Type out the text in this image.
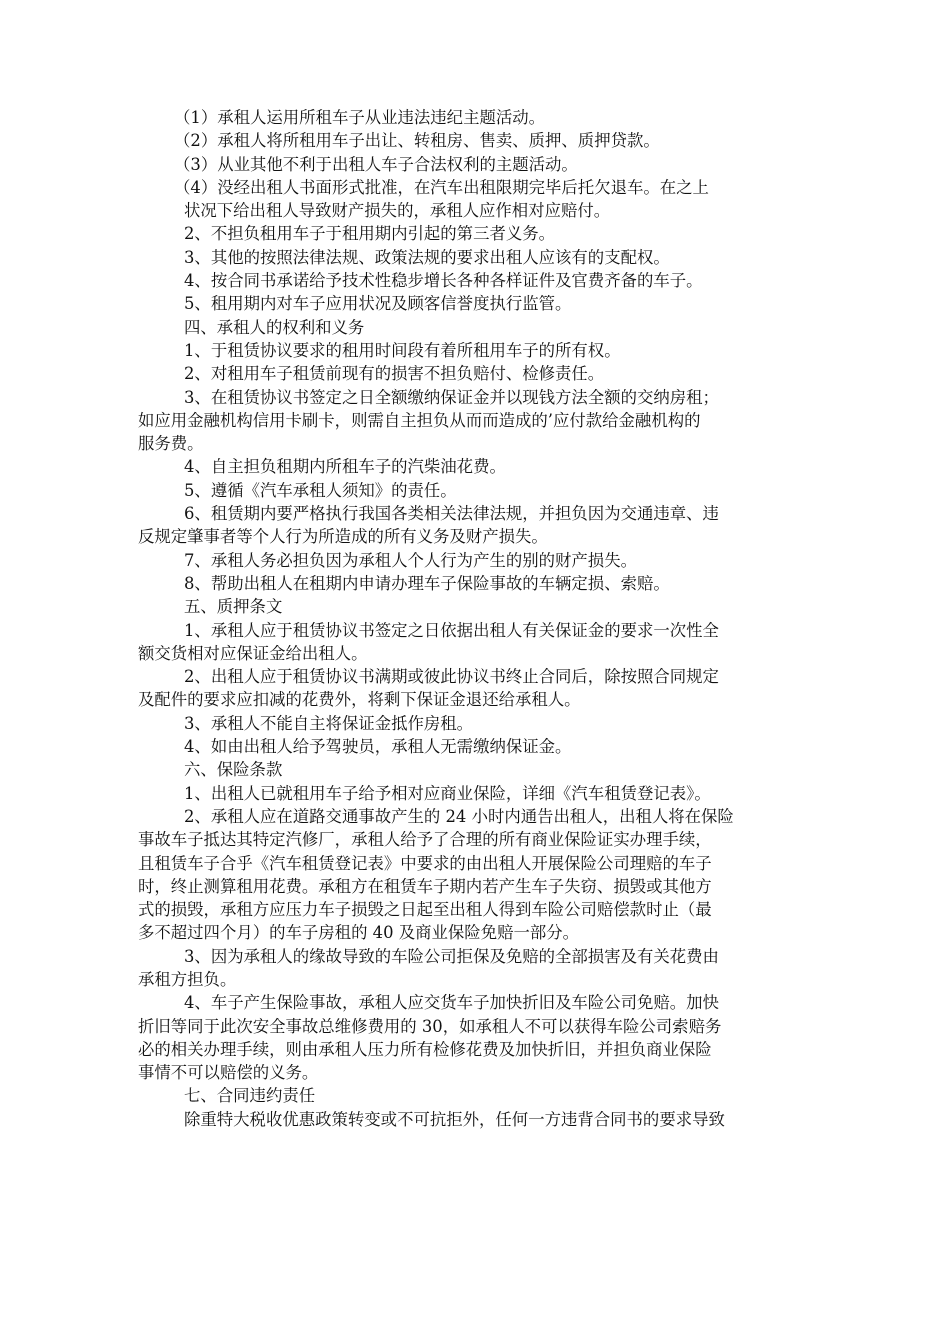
（1）承租人运用所租车子从业违法违纪主题活动。
（2）承租人将所租用车子出让、转租房、售卖、质押、质押贷款。
（3）从业其他不利于出租人车子合法权利的主题活动。
（4）没经出租人书面形式批准，在汽车出租限期完毕后托欠退车。在之上
状况下给出租人导致财产损失的，承租人应作相对应赔付。
2、不担负租用车子于租用期内引起的第三者义务。
3、其他的按照法律法规、政策法规的要求出租人应该有的支配权。
4、按合同书承诺给予技术性稳步增长各种各样证件及官费齐备的车子。
5、租用期内对车子应用状况及顾客信誉度执行监管。
四、承租人的权利和义务
1、于租赁协议要求的租用时间段有着所租用车子的所有权。
2、对租用车子租赁前现有的损害不担负赔付、检修责任。
3、在租赁协议书签定之日全额缴纳保证金并以现钱方法全额的交纳房租；
如应用金融机构信用卡刷卡，则需自主担负从而而造成的’应付款给金融机构的
服务费。
4、自主担负租期内所租车子的汽柴油花费。
5、遵循《汽车承租人须知》的责任。
6、租赁期内要严格执行我国各类相关法律法规，并担负因为交通违章、违
反规定肇事者等个人行为所造成的所有义务及财产损失。
7、承租人务必担负因为承租人个人行为产生的别的财产损失。
8、帮助出租人在租期内申请办理车子保险事故的车辆定损、索赔。
五、质押条文
1、承租人应于租赁协议书签定之日依据出租人有关保证金的要求一次性全
额交货相对应保证金给出租人。
2、出租人应于租赁协议书满期或彼此协议书终止合同后，除按照合同规定
及配件的要求应扣减的花费外，将剩下保证金退还给承租人。
3、承租人不能自主将保证金抵作房租。
4、如由出租人给予驾驶员，承租人无需缴纳保证金。
六、保险条款
1、出租人已就租用车子给予相对应商业保险，详细《汽车租赁登记表》。
2、承租人应在道路交通事故产生的 24 小时内通告出租人，出租人将在保险
事故车子抵达其特定汽修厂，承租人给予了合理的所有商业保险证实办理手续，
且租赁车子合乎《汽车租赁登记表》中要求的由出租人开展保险公司理赔的车子
时，终止测算租用花费。承租方在租赁车子期内若产生车子失窃、损毁或其他方
式的损毁，承租方应压力车子损毁之日起至出租人得到车险公司赔偿款时止（最
多不超过四个月）的车子房租的 40 及商业保险免赔一部分。
3、因为承租人的缘故导致的车险公司拒保及免赔的全部损害及有关花费由
承租方担负。
4、车子产生保险事故，承租人应交货车子加快折旧及车险公司免赔。加快
折旧等同于此次安全事故总维修费用的 30，如承租人不可以获得车险公司索赔务
必的相关办理手续，则由承租人压力所有检修花费及加快折旧，并担负商业保险
事情不可以赔偿的义务。
七、合同违约责任
除重特大税收优惠政策转变或不可抗拒外，任何一方违背合同书的要求导致
